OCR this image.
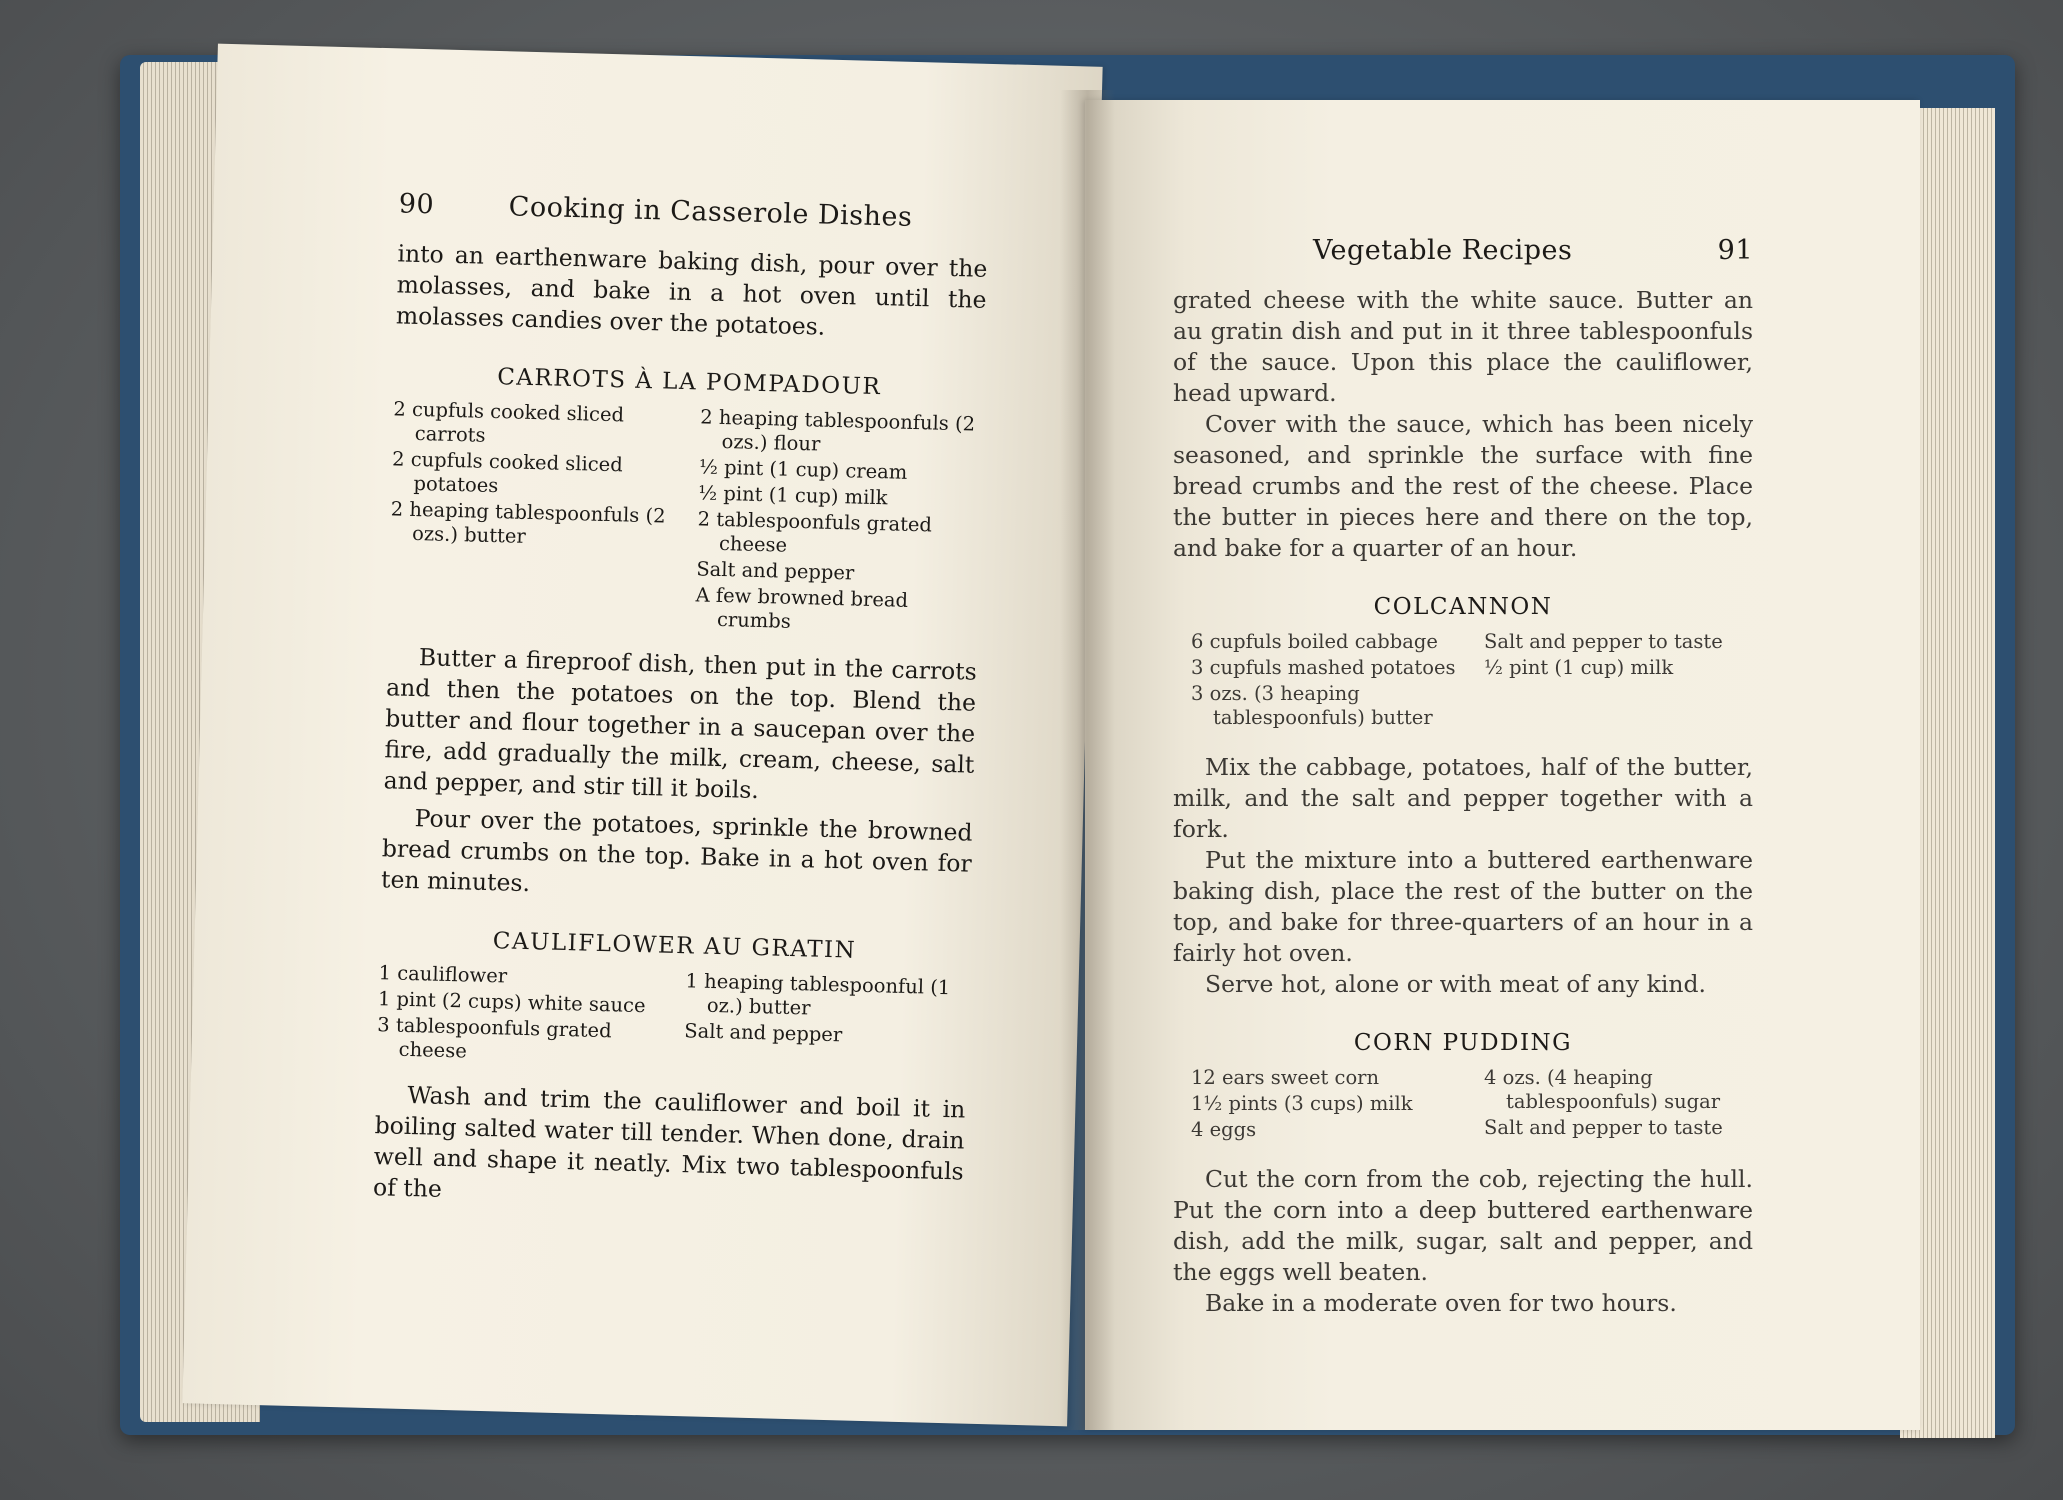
90	Cooking in Casserole Dishes

into an earthenware baking dish, pour over the molasses, and bake in a hot oven until the molasses candies over the potatoes.

CARROTS À LA POMPADOUR
2 cupfuls cooked sliced carrots
2 cupfuls cooked sliced potatoes
2 heaping tablespoonfuls (2 ozs.) butter
2 heaping tablespoonfuls (2 ozs.) flour
½ pint (1 cup) cream
½ pint (1 cup) milk
2 tablespoonfuls grated cheese
Salt and pepper
A few browned bread crumbs

Butter a fireproof dish, then put in the carrots and then the potatoes on the top. Blend the butter and flour together in a saucepan over the fire, add gradually the milk, cream, cheese, salt and pepper, and stir till it boils.

Pour over the potatoes, sprinkle the browned bread crumbs on the top. Bake in a hot oven for ten minutes.

CAULIFLOWER AU GRATIN
1 cauliflower
1 pint (2 cups) white sauce
3 tablespoonfuls grated cheese
1 heaping tablespoonful (1 oz.) butter
Salt and pepper

Wash and trim the cauliflower and boil it in boiling salted water till tender. When done, drain well and shape it neatly. Mix two tablespoonfuls of the

Vegetable Recipes	91

grated cheese with the white sauce. Butter an au gratin dish and put in it three tablespoonfuls of the sauce. Upon this place the cauliflower, head upward.

Cover with the sauce, which has been nicely seasoned, and sprinkle the surface with fine bread crumbs and the rest of the cheese. Place the butter in pieces here and there on the top, and bake for a quarter of an hour.

COLCANNON
6 cupfuls boiled cabbage
3 cupfuls mashed potatoes
3 ozs. (3 heaping tablespoonfuls) butter
Salt and pepper to taste
½ pint (1 cup) milk

Mix the cabbage, potatoes, half of the butter, milk, and the salt and pepper together with a fork.

Put the mixture into a buttered earthenware baking dish, place the rest of the butter on the top, and bake for three-quarters of an hour in a fairly hot oven.

Serve hot, alone or with meat of any kind.

CORN PUDDING
12 ears sweet corn
1½ pints (3 cups) milk
4 eggs
4 ozs. (4 heaping tablespoonfuls) sugar
Salt and pepper to taste

Cut the corn from the cob, rejecting the hull. Put the corn into a deep buttered earthenware dish, add the milk, sugar, salt and pepper, and the eggs well beaten.

Bake in a moderate oven for two hours.
